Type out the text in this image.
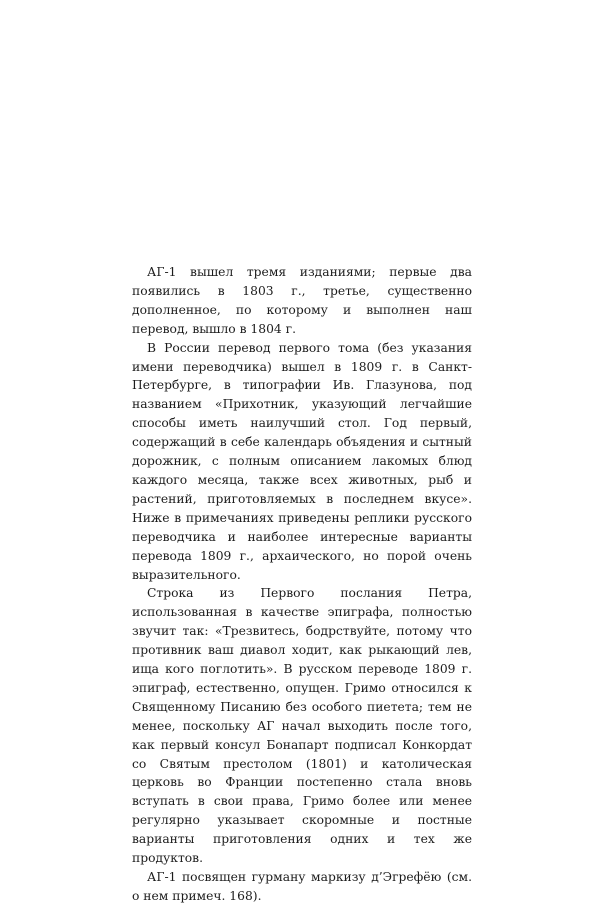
АГ-1 вышел тремя изданиями; первые два появились в 1803 г., третье, существенно дополненное, по которому и выполнен наш перевод, вышло в 1804 г.

В России перевод первого тома (без указания имени переводчика) вышел в 1809 г. в Санкт-Петербурге, в типографии Ив. Глазунова, под названием «Прихотник, указующий легчайшие способы иметь наилучший стол. Год первый, содержащий в себе календарь объядения и сытный дорожник, с полным описанием лакомых блюд каждого месяца, также всех животных, рыб и растений, приготовляемых в последнем вкусе». Ниже в примечаниях приведены реплики русского переводчика и наиболее интересные варианты перевода 1809 г., архаического, но порой очень выразительного.

Строка из Первого послания Петра, использованная в качестве эпиграфа, полностью звучит так: «Трезвитесь, бодрствуйте, потому что противник ваш диавол ходит, как рыкающий лев, ища кого поглотить». В русском переводе 1809 г. эпиграф, естественно, опущен. Гримо относился к Священному Писанию без особого пиетета; тем не менее, поскольку АГ начал выходить после того, как первый консул Бонапарт подписал Конкордат со Святым престолом (1801) и католическая церковь во Франции постепенно стала вновь вступать в свои права, Гримо более или менее регулярно указывает скоромные и постные варианты приготовления одних и тех же продуктов.

АГ-1 посвящен гурману маркизу д’Эгрефёю (см. о нем примеч. 168).
